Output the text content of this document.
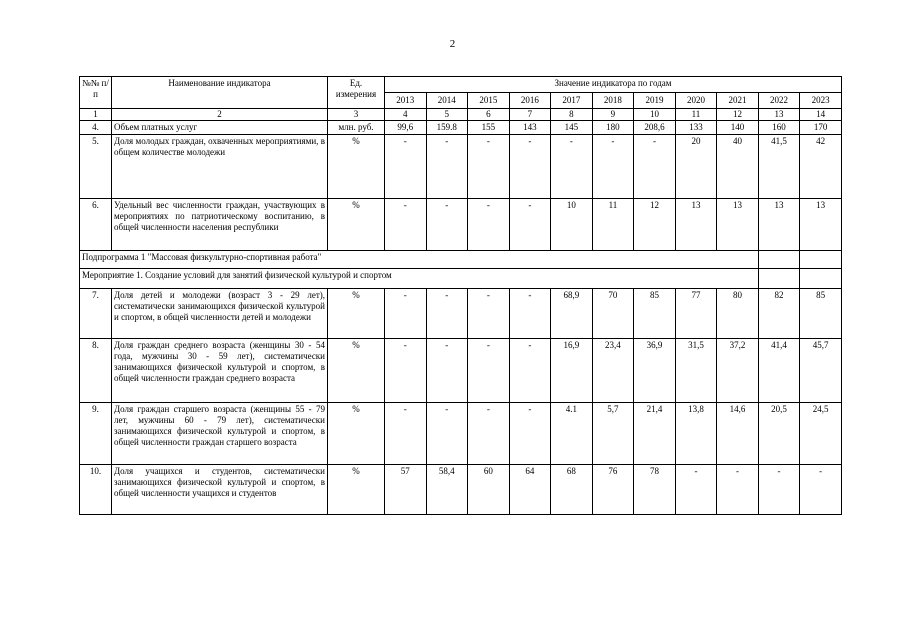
2
№№ п/п	Наименование индикатора	Ед. измерения	Значение индикатора по годам										
			2013	2014	2015	2016	2017	2018	2019	2020	2021	2022	2023
1	2	3	4	5	6	7	8	9	10	11	12	13	14
4.	Объем платных услуг	млн. руб.	99,6	159.8	155	143	145	180	208,6	133	140	160	170
5.	Доля молодых граждан, охваченных мероприятиями, в общем количестве молодежи	%	-	-	-	-	-	-	-	20	40	41,5	42
6.	Удельный вес численности граждан, участвующих в мероприятиях по патриотическому воспитанию, в общей численности населения республики	%	-	-	-	-	10	11	12	13	13	13	13
Подпрограмма 1 "Массовая физкультурно-спортивная работа"													
Мероприятие 1. Создание условий для занятий физической культурой и спортом													
7.	Доля детей и молодежи (возраст 3 - 29 лет), систематически занимающихся физической культурой и спортом, в общей численности детей и молодежи	%	-	-	-	-	68,9	70	85	77	80	82	85
8.	Доля граждан среднего возраста (женщины 30 - 54 года, мужчины 30 - 59 лет), систематически занимающихся физической культурой и спортом, в общей численности граждан среднего возраста	%	-	-	-	-	16,9	23,4	36,9	31,5	37,2	41,4	45,7
9.	Доля граждан старшего возраста (женщины 55 - 79 лет, мужчины 60 - 79 лет), систематически занимающихся физической культурой и спортом, в общей численности граждан старшего возраста	%	-	-	-	-	4.1	5,7	21,4	13,8	14,6	20,5	24,5
10.	Доля учащихся и студентов, систематически занимающихся физической культурой и спортом, в общей численности учащихся и студентов	%	57	58,4	60	64	68	76	78	-	-	-	-
